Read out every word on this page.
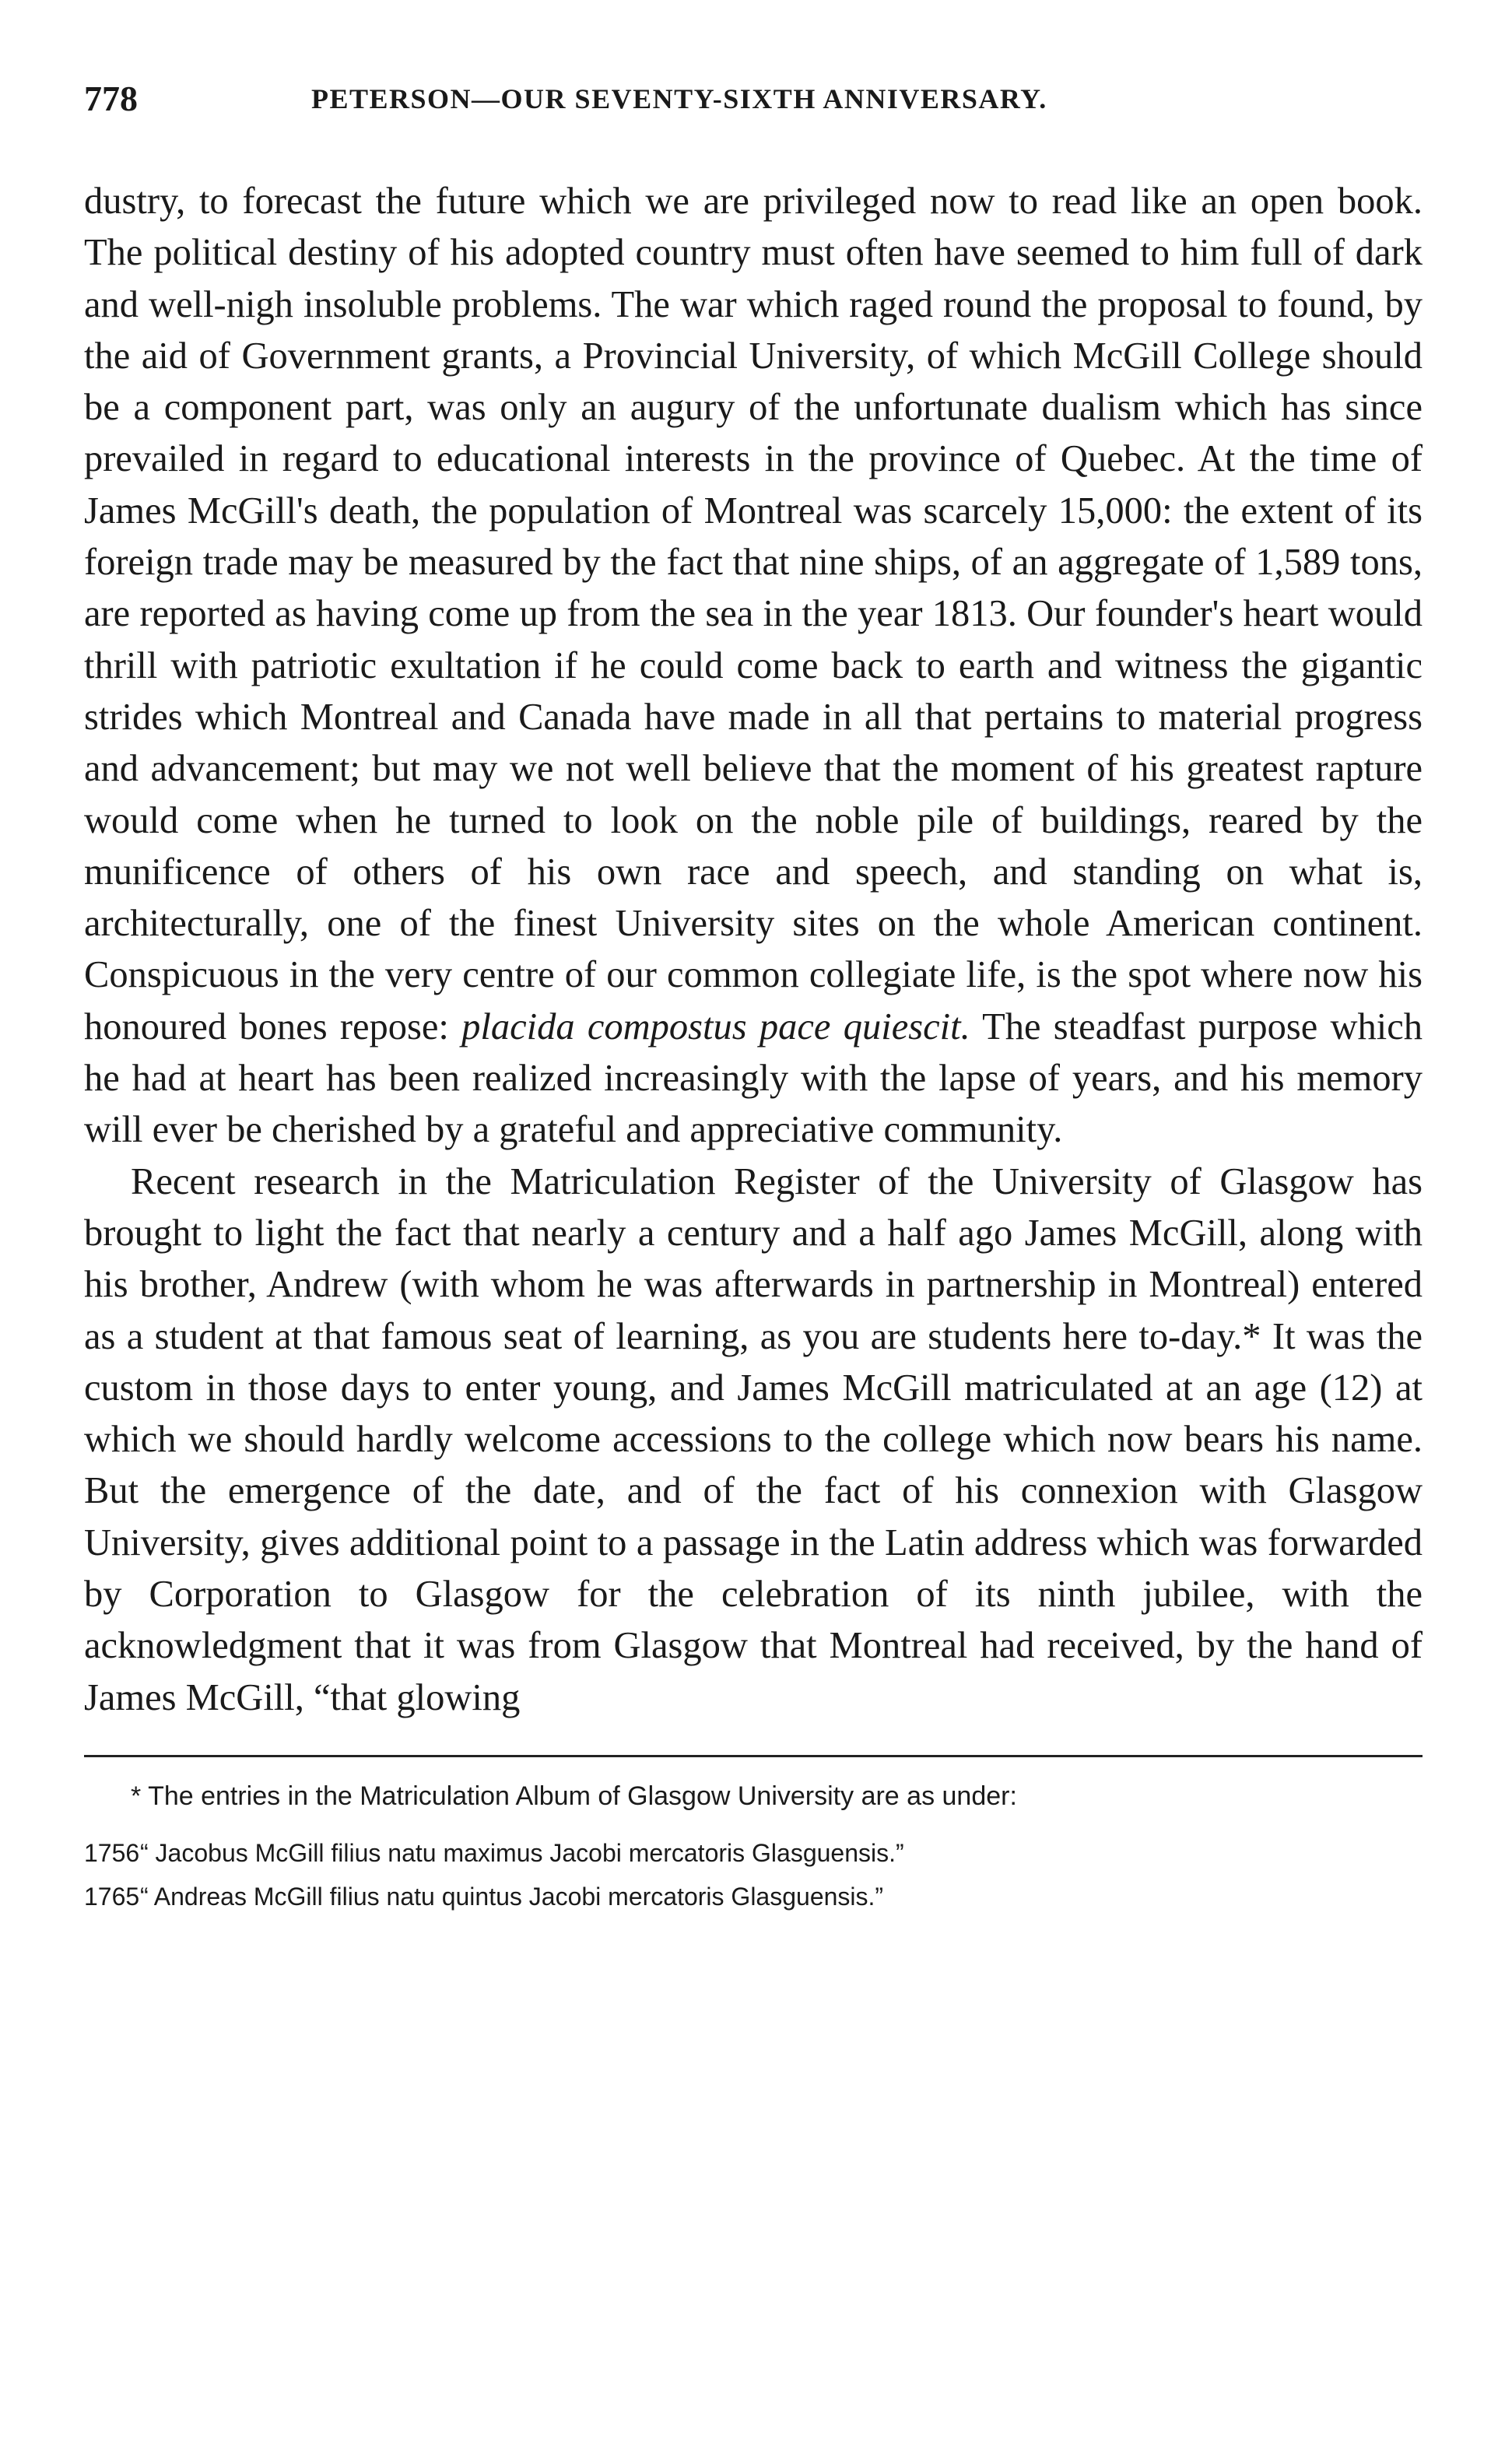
778	PETERSON—OUR SEVENTY-SIXTH ANNIVERSARY.

dustry, to forecast the future which we are privileged now to read like an open book. The political destiny of his adopted country must often have seemed to him full of dark and well-nigh insoluble problems. The war which raged round the proposal to found, by the aid of Government grants, a Provincial University, of which McGill College should be a component part, was only an augury of the unfortunate dualism which has since prevailed in regard to educational interests in the province of Quebec. At the time of James McGill's death, the population of Montreal was scarcely 15,000: the extent of its foreign trade may be measured by the fact that nine ships, of an aggregate of 1,589 tons, are reported as having come up from the sea in the year 1813. Our founder's heart would thrill with patriotic exultation if he could come back to earth and witness the gigantic strides which Montreal and Canada have made in all that pertains to material progress and advancement; but may we not well believe that the moment of his greatest rapture would come when he turned to look on the noble pile of buildings, reared by the munificence of others of his own race and speech, and standing on what is, architecturally, one of the finest University sites on the whole American continent. Conspicuous in the very centre of our common collegiate life, is the spot where now his honoured bones repose: placida compostus pace quiescit. The steadfast purpose which he had at heart has been realized increasingly with the lapse of years, and his memory will ever be cherished by a grateful and appreciative community.

Recent research in the Matriculation Register of the University of Glasgow has brought to light the fact that nearly a century and a half ago James McGill, along with his brother, Andrew (with whom he was afterwards in partnership in Montreal) entered as a student at that famous seat of learning, as you are students here to-day.* It was the custom in those days to enter young, and James McGill matriculated at an age (12) at which we should hardly welcome accessions to the college which now bears his name. But the emergence of the date, and of the fact of his connexion with Glasgow University, gives additional point to a passage in the Latin address which was forwarded by Corporation to Glasgow for the celebration of its ninth jubilee, with the acknowledgment that it was from Glasgow that Montreal had received, by the hand of James McGill, “that glowing

* The entries in the Matriculation Album of Glasgow University are as under:

1756“ Jacobus McGill filius natu maximus Jacobi mercatoris Glasguensis.”

1765“ Andreas McGill filius natu quintus Jacobi mercatoris Glasguensis.”
